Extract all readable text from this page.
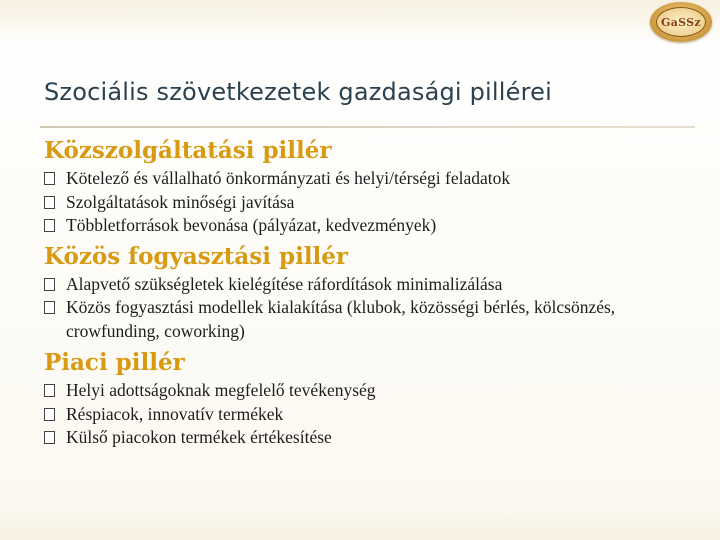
GaSSz
Szociális szövetkezetek gazdasági pillérei
Közszolgáltatási pillér
Kötelező és vállalható önkormányzati és helyi/térségi feladatok
Szolgáltatások minőségi javítása
Többletforrások bevonása (pályázat, kedvezmények)
Közös fogyasztási pillér
Alapvető szükségletek kielégítése ráfordítások minimalizálása
Közös fogyasztási modellek kialakítása (klubok, közösségi bérlés, kölcsönzés, crowfunding, coworking)
Piaci pillér
Helyi adottságoknak megfelelő tevékenység
Réspiacok, innovatív termékek
Külső piacokon termékek értékesítése
